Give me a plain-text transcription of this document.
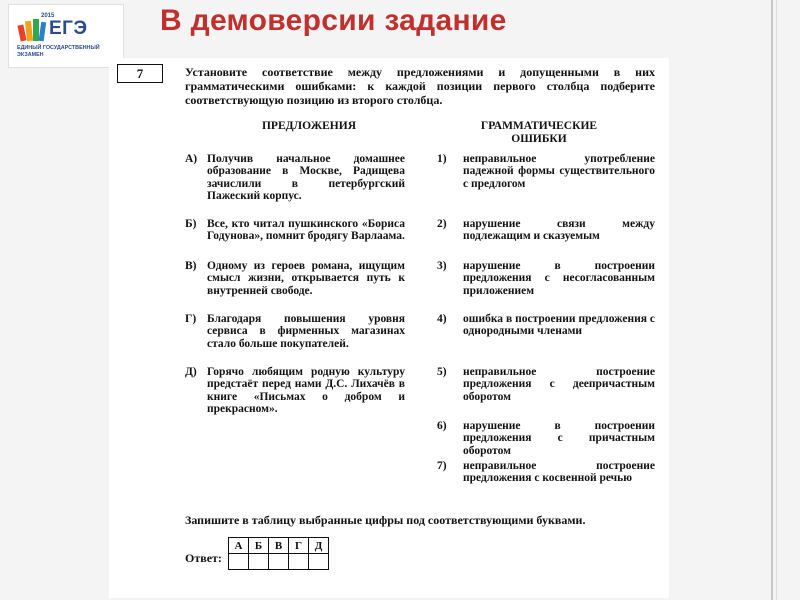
2015
ЕГЭ
ЕДИНЫЙ ГОСУДАРСТВЕННЫЙ ЭКЗАМЕН
В демоверсии задание
7	Установите соответствие между предложениями и допущенными в них грамматическими ошибками: к каждой позиции первого столбца подберите соответствующую позицию из второго столбца.
ПРЕДЛОЖЕНИЯ	ГРАММАТИЧЕСКИЕ ОШИБКИ
А) Получив начальное домашнее образование в Москве, Радищева зачислили в петербургский Пажеский корпус.
Б) Все, кто читал пушкинского «Бориса Годунова», помнит бродягу Варлаама.
В) Одному из героев романа, ищущим смысл жизни, открывается путь к внутренней свободе.
Г) Благодаря повышения уровня сервиса в фирменных магазинах стало больше покупателей.
Д) Горячо любящим родную культуру предстаёт перед нами Д.С. Лихачёв в книге «Письмах о добром и прекрасном».
1) неправильное употребление падежной формы существительного с предлогом
2) нарушение связи между подлежащим и сказуемым
3) нарушение в построении предложения с несогласованным приложением
4) ошибка в построении предложения с однородными членами
5) неправильное построение предложения с деепричастным оборотом
6) нарушение в построении предложения с причастным оборотом
7) неправильное построение предложения с косвенной речью
Запишите в таблицу выбранные цифры под соответствующими буквами.
Ответ:
А	Б	В	Г	Д
